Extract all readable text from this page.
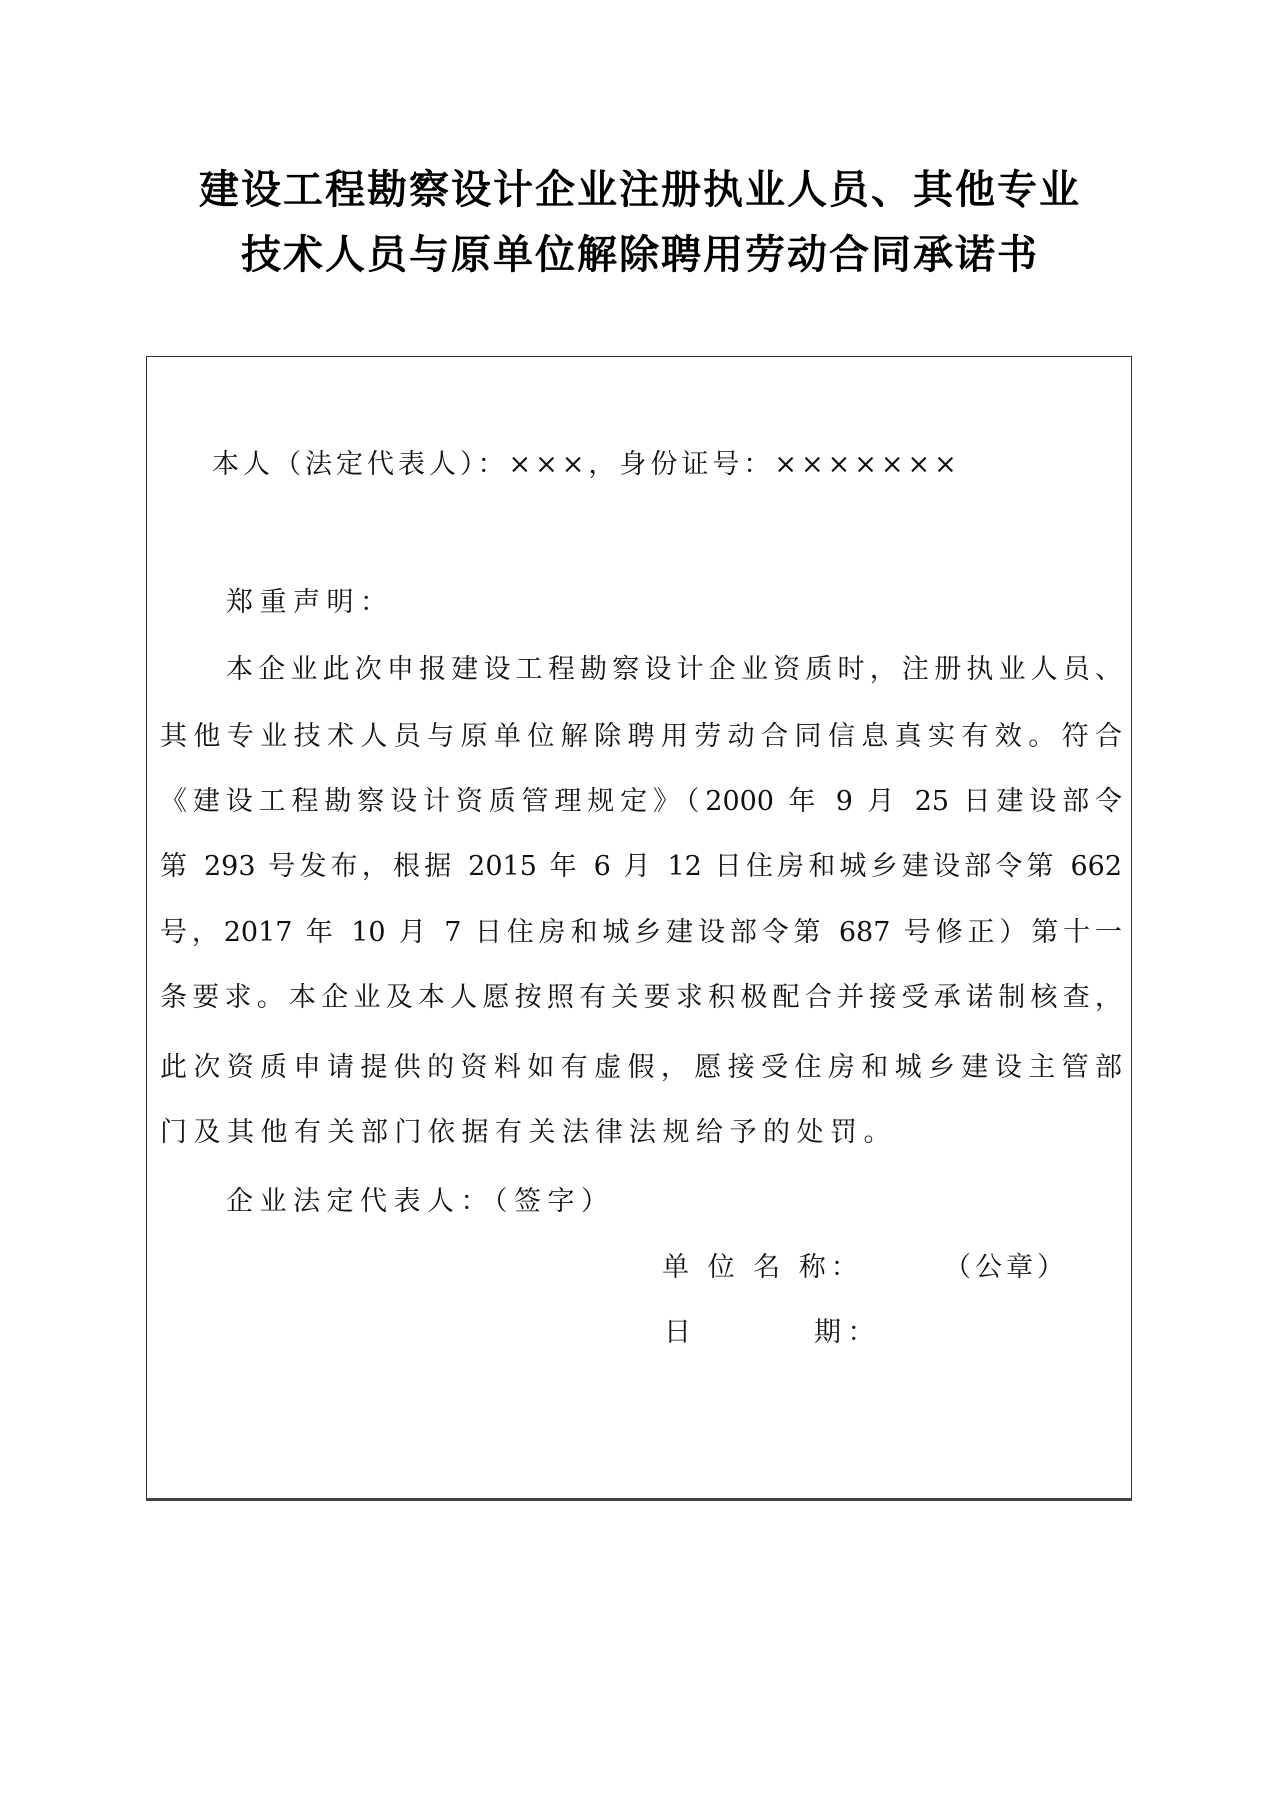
建设工程勘察设计企业注册执业人员、其他专业
技术人员与原单位解除聘用劳动合同承诺书
本人（法定代表人）：×××，身份证号：×××××××
郑重声明：
本企业此次申报建设工程勘察设计企业资质时，注册执业人员、
其他专业技术人员与原单位解除聘用劳动合同信息真实有效。符合
《建设工程勘察设计资质管理规定》（2000 年 9 月 25 日建设部令
第 293 号发布，根据 2015 年 6 月 12 日住房和城乡建设部令第 662
号，2017 年 10 月 7 日住房和城乡建设部令第 687 号修正）第十一
条要求。本企业及本人愿按照有关要求积极配合并接受承诺制核查，
此次资质申请提供的资料如有虚假，愿接受住房和城乡建设主管部
门及其他有关部门依据有关法律法规给予的处罚。
企业法定代表人：（签字）
单 位 名 称：	（公章）
日	期：
